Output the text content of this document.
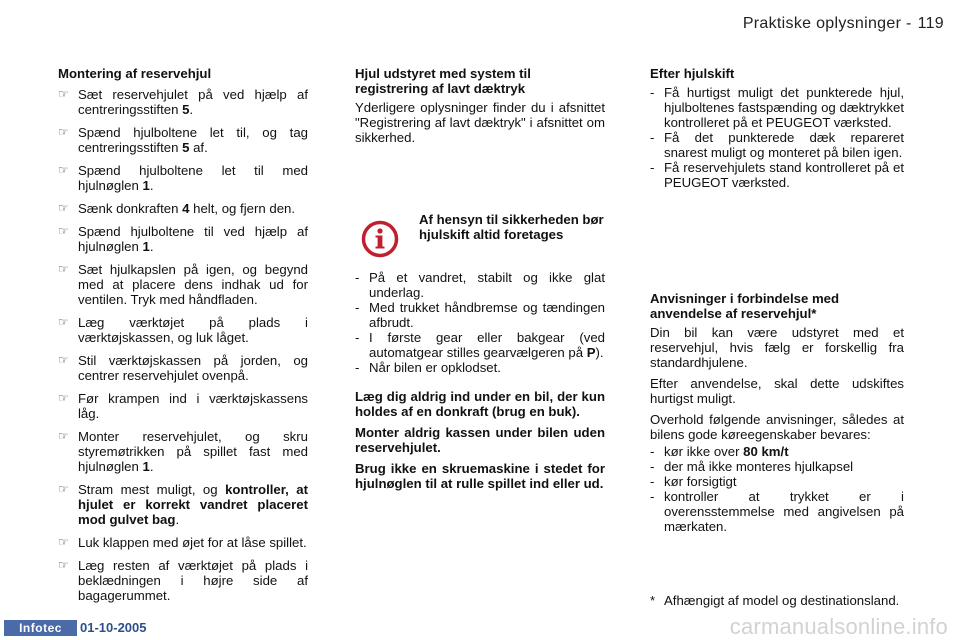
Praktiske oplysninger - 119
Montering af reservehjul
☞ Sæt reservehjulet på ved hjælp af centreringsstiften 5.
☞ Spænd hjulboltene let til, og tag centreringsstiften 5 af.
☞ Spænd hjulboltene let til med hjulnøglen 1.
☞ Sænk donkraften 4 helt, og fjern den.
☞ Spænd hjulboltene til ved hjælp af hjulnøglen 1.
☞ Sæt hjulkapslen på igen, og begynd med at placere dens indhak ud for ventilen. Tryk med håndfladen.
☞ Læg værktøjet på plads i værktøjskassen, og luk låget.
☞ Stil værktøjskassen på jorden, og centrer reservehjulet ovenpå.
☞ Før krampen ind i værktøjskassens låg.
☞ Monter reservehjulet, og skru styremøtrikken på spillet fast med hjulnøglen 1.
☞ Stram mest muligt, og kontroller, at hjulet er korrekt vandret placeret mod gulvet bag.
☞ Luk klappen med øjet for at låse spillet.
☞ Læg resten af værktøjet på plads i beklædningen i højre side af bagagerummet.
Hjul udstyret med system til registrering af lavt dæktryk
Yderligere oplysninger finder du i afsnittet "Registrering af lavt dæktryk" i afsnittet om sikkerhed.
Af hensyn til sikkerheden bør hjulskift altid foretages
- På et vandret, stabilt og ikke glat underlag.
- Med trukket håndbremse og tændingen afbrudt.
- I første gear eller bakgear (ved automatgear stilles gearvælgeren på P).
- Når bilen er opklodset.
Læg dig aldrig ind under en bil, der kun holdes af en donkraft (brug en buk).
Monter aldrig kassen under bilen uden reservehjulet.
Brug ikke en skruemaskine i stedet for hjulnøglen til at rulle spillet ind eller ud.
Efter hjulskift
- Få hurtigst muligt det punkterede hjul, hjulboltenes fastspænding og dæktrykket kontrolleret på et PEUGEOT værksted.
- Få det punkterede dæk repareret snarest muligt og monteret på bilen igen.
- Få reservehjulets stand kontrolleret på et PEUGEOT værksted.
Anvisninger i forbindelse med anvendelse af reservehjul*
Din bil kan være udstyret med et reservehjul, hvis fælg er forskellig fra standardhjulene.
Efter anvendelse, skal dette udskiftes hurtigst muligt.
Overhold følgende anvisninger, således at bilens gode køreegenskaber bevares:
- kør ikke over 80 km/t
- der må ikke monteres hjulkapsel
- kør forsigtigt
- kontroller at trykket er i overensstemmelse med angivelsen på mærkaten.
* Afhængigt af model og destinationsland.
Infotec	01-10-2005	carmanualsonline.info
